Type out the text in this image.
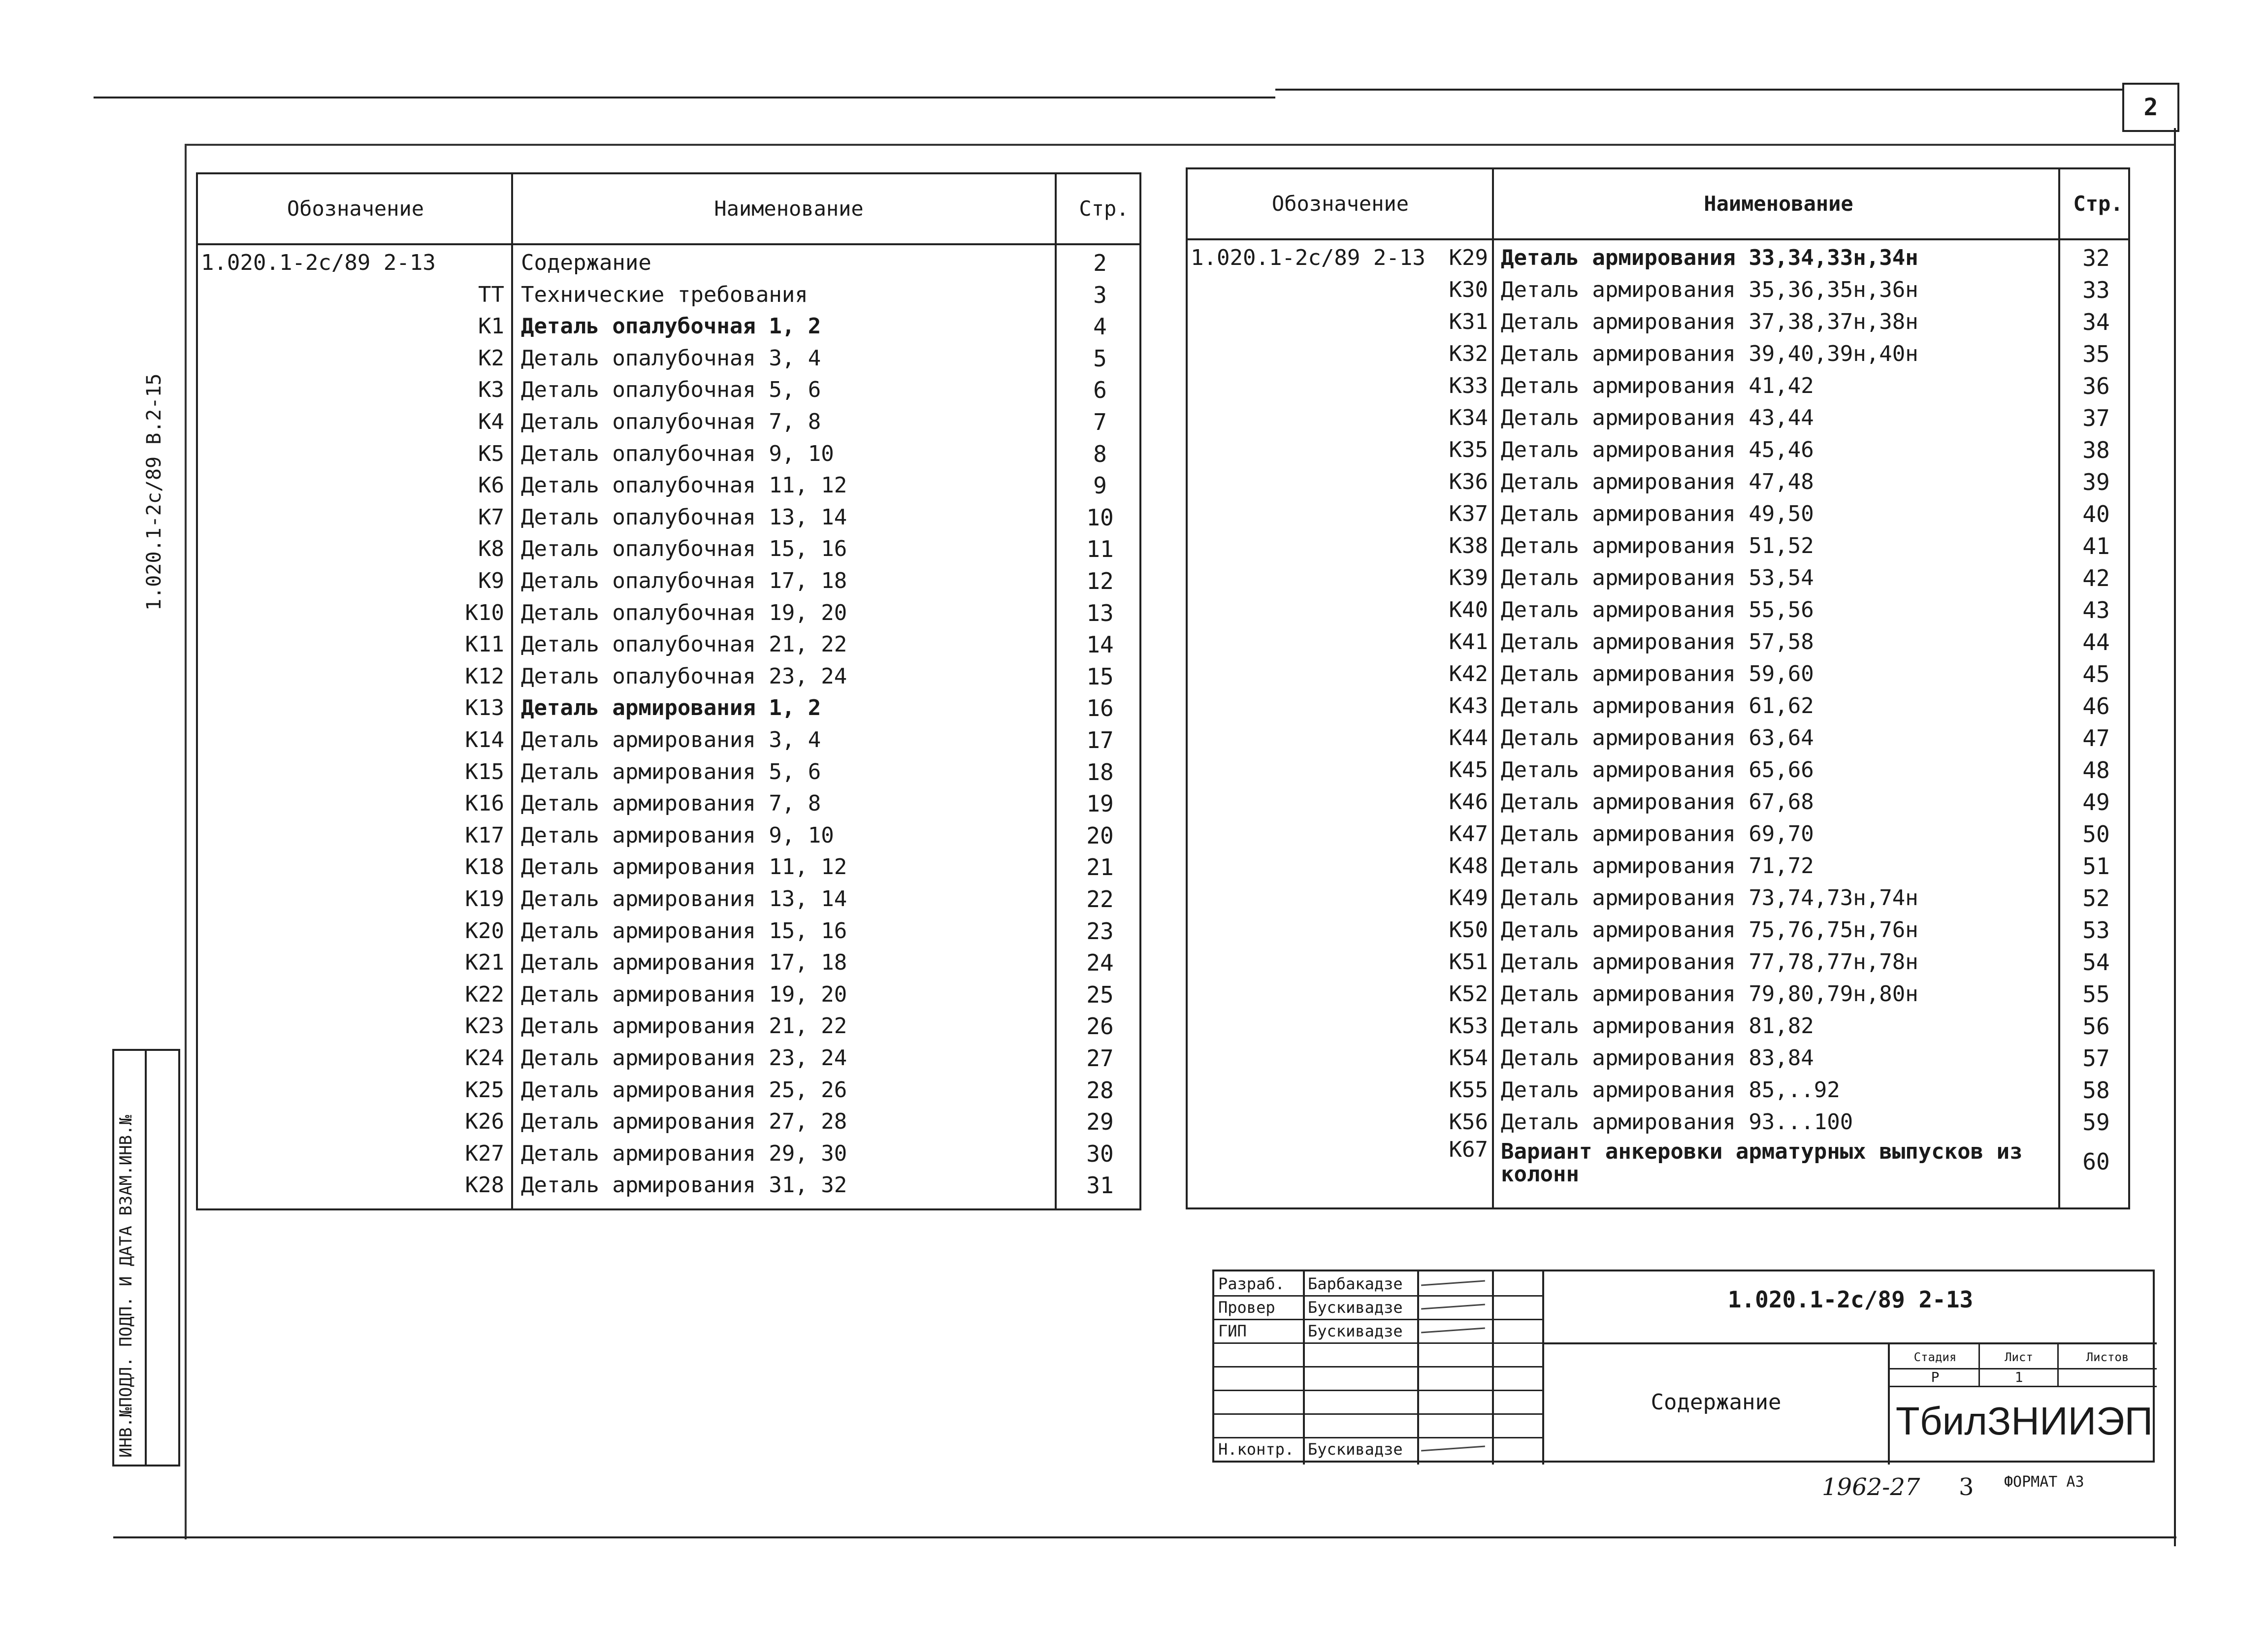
2
1.020.1-2с/89 В.2-15
ИНВ.№ПОДЛ. ПОДП. И ДАТА ВЗАМ.ИНВ.№
Обозначение	Наименование	Стр.
1.020.1-2с/89 2-13	Содержание	2
ТТ Технические требования	3
К1 Деталь опалубочная 1, 2	4
К2 Деталь опалубочная 3, 4	5
К3 Деталь опалубочная 5, 6	6
К4 Деталь опалубочная 7, 8	7
К5 Деталь опалубочная 9, 10	8
К6 Деталь опалубочная 11, 12	9
К7 Деталь опалубочная 13, 14	10
К8 Деталь опалубочная 15, 16	11
К9 Деталь опалубочная 17, 18	12
К10 Деталь опалубочная 19, 20	13
К11 Деталь опалубочная 21, 22	14
К12 Деталь опалубочная 23, 24	15
К13 Деталь армирования 1, 2	16
К14 Деталь армирования 3, 4	17
К15 Деталь армирования 5, 6	18
К16 Деталь армирования 7, 8	19
К17 Деталь армирования 9, 10	20
К18 Деталь армирования 11, 12	21
К19 Деталь армирования 13, 14	22
К20 Деталь армирования 15, 16	23
К21 Деталь армирования 17, 18	24
К22 Деталь армирования 19, 20	25
К23 Деталь армирования 21, 22	26
К24 Деталь армирования 23, 24	27
К25 Деталь армирования 25, 26	28
К26 Деталь армирования 27, 28	29
К27 Деталь армирования 29, 30	30
К28 Деталь армирования 31, 32	31
Обозначение	Наименование	Стр.
1.020.1-2с/89 2-13	К29 Деталь армирования 33,34,33н,34н	32
К30 Деталь армирования 35,36,35н,36н	33
К31 Деталь армирования 37,38,37н,38н	34
К32 Деталь армирования 39,40,39н,40н	35
К33 Деталь армирования 41,42	36
К34 Деталь армирования 43,44	37
К35 Деталь армирования 45,46	38
К36 Деталь армирования 47,48	39
К37 Деталь армирования 49,50	40
К38 Деталь армирования 51,52	41
К39 Деталь армирования 53,54	42
К40 Деталь армирования 55,56	43
К41 Деталь армирования 57,58	44
К42 Деталь армирования 59,60	45
К43 Деталь армирования 61,62	46
К44 Деталь армирования 63,64	47
К45 Деталь армирования 65,66	48
К46 Деталь армирования 67,68	49
К47 Деталь армирования 69,70	50
К48 Деталь армирования 71,72	51
К49 Деталь армирования 73,74,73н,74н	52
К50 Деталь армирования 75,76,75н,76н	53
К51 Деталь армирования 77,78,77н,78н	54
К52 Деталь армирования 79,80,79н,80н	55
К53 Деталь армирования 81,82	56
К54 Деталь армирования 83,84	57
К55 Деталь армирования 85,..92	58
К56 Деталь армирования 93...100	59
К67 Вариант анкеровки арматурных выпусков из колонн	60
Разраб.	Барбакадзе
Провер	Бускивадзе
ГИП	Бускивадзе
Н.контр. Бускивадзе
1.020.1-2с/89 2-13
Содержание
Стадия	Лист	Листов
Р	1
ТбилЗНИИЭП
1962-27 3 ФОРМАТ А3
